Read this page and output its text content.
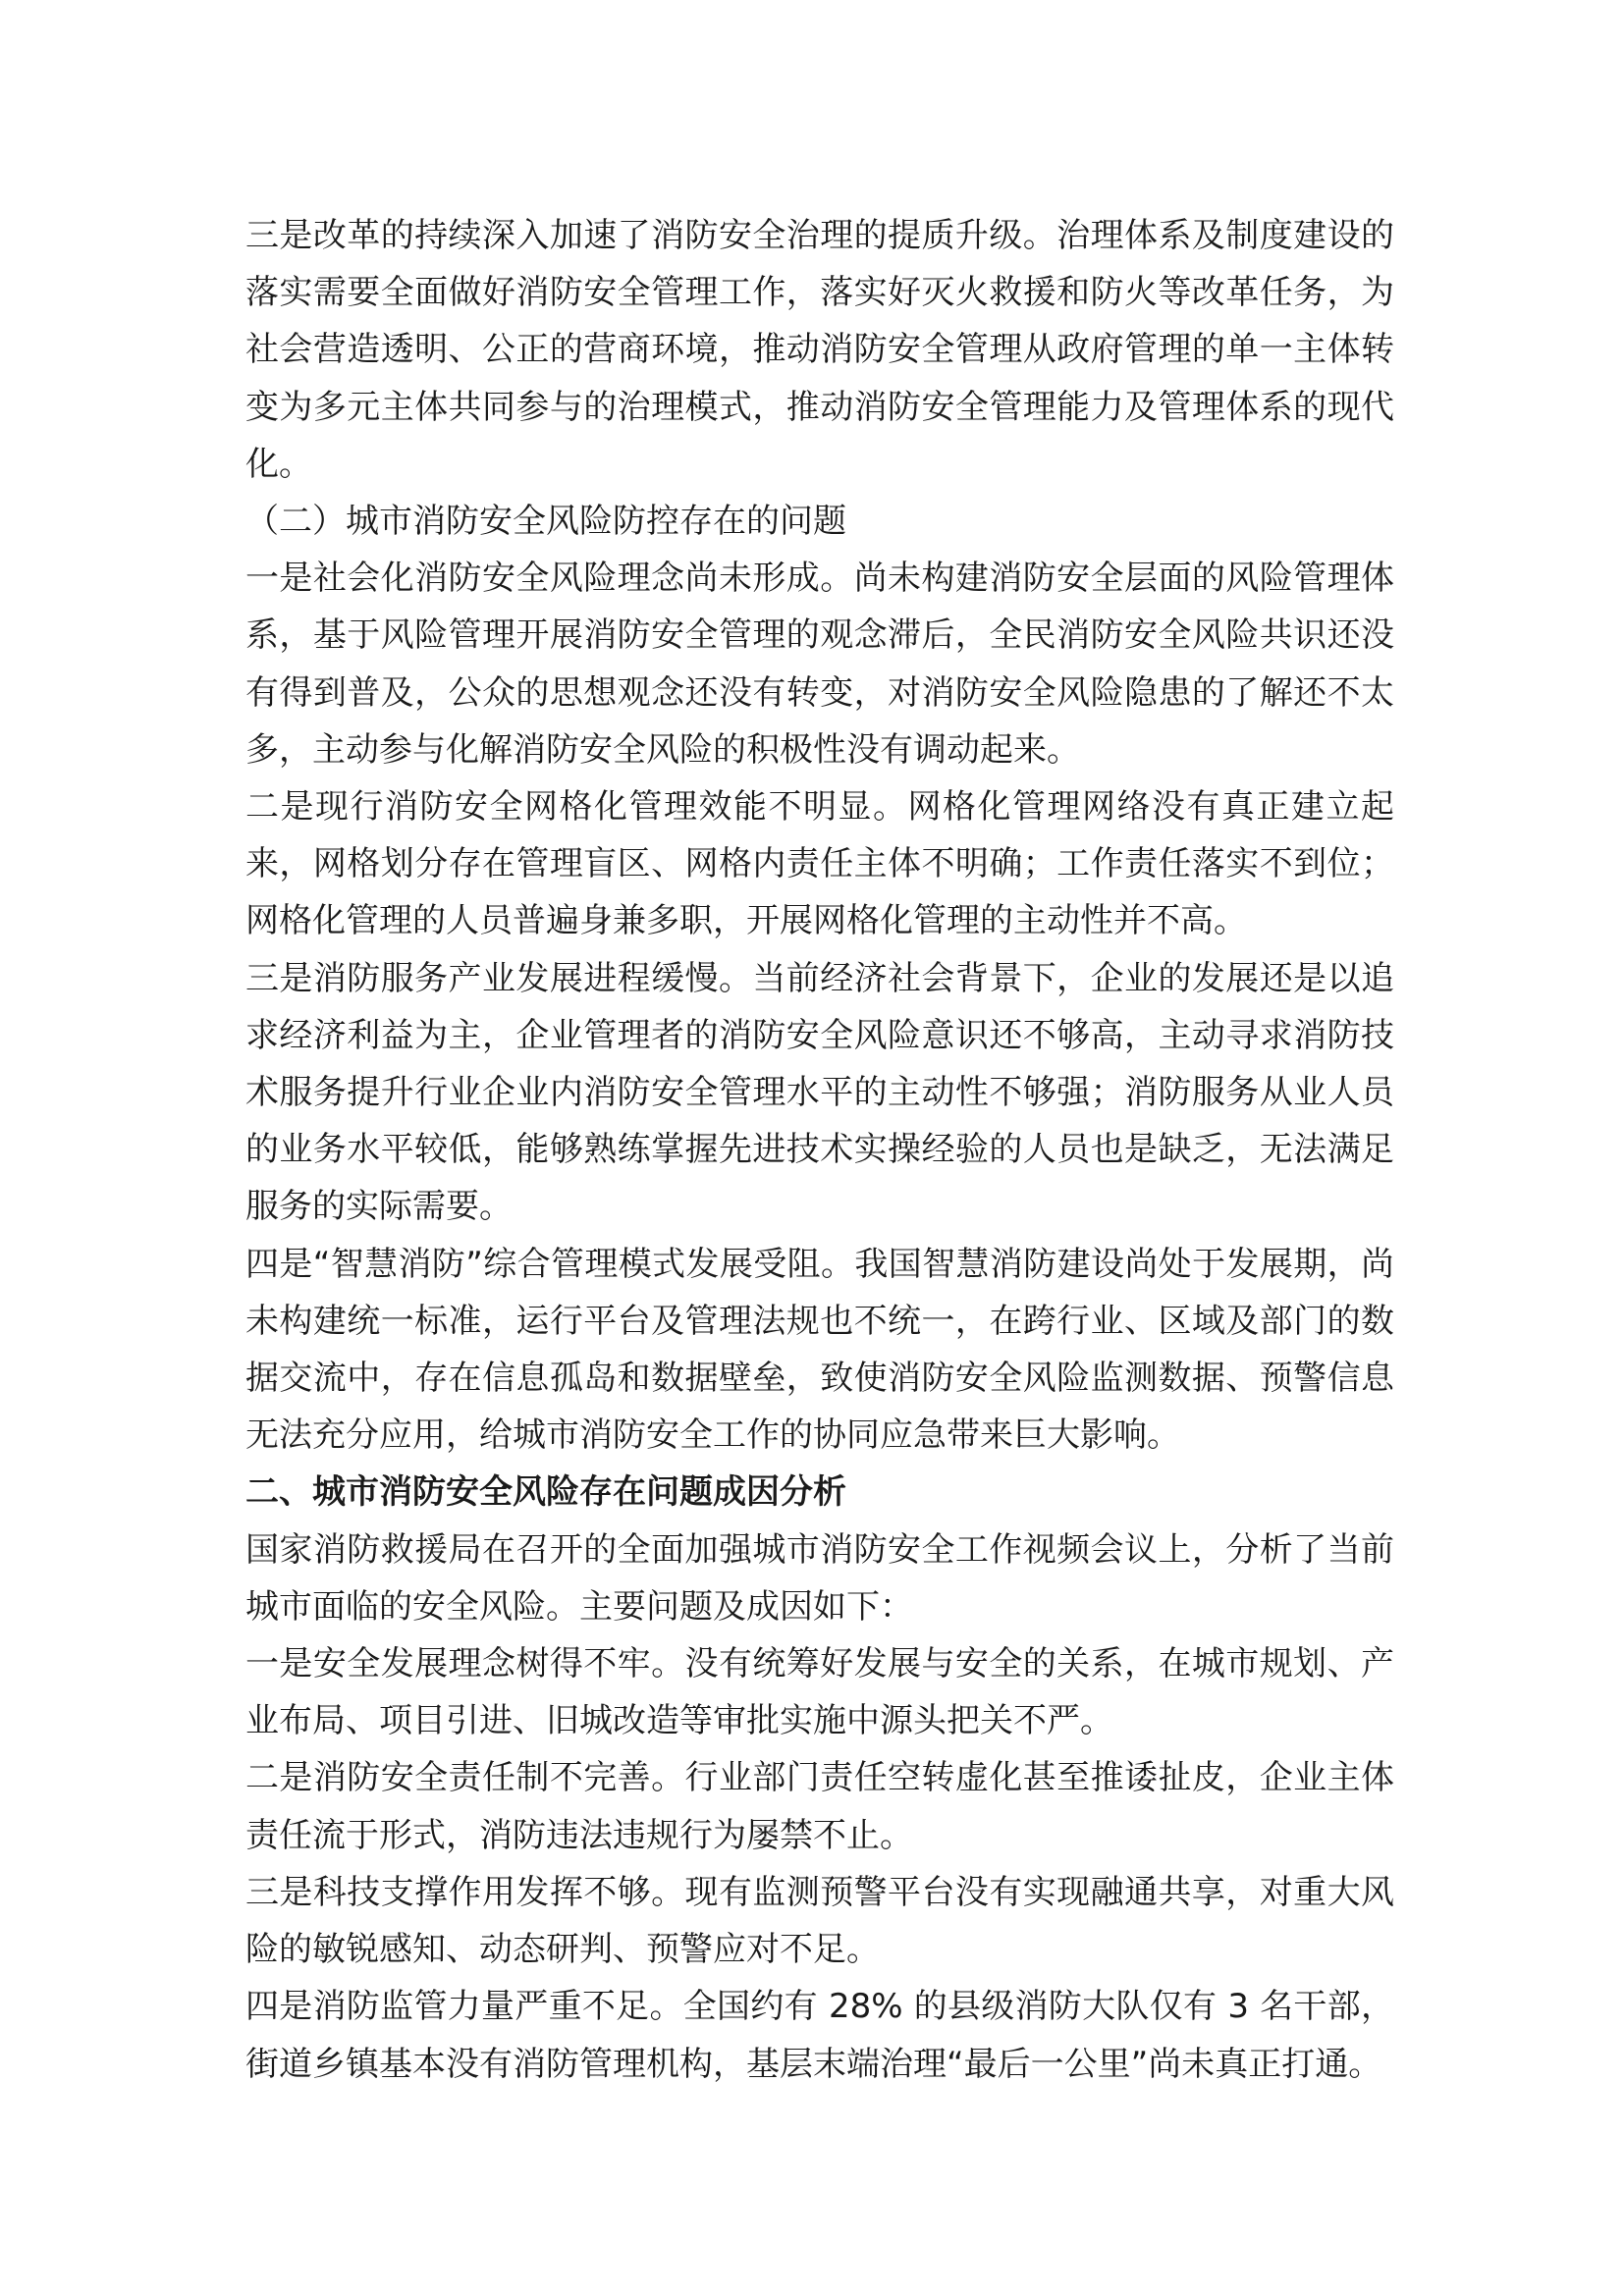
三是改革的持续深入加速了消防安全治理的提质升级。治理体系及制度建设的落实需要全面做好消防安全管理工作，落实好灭火救援和防火等改革任务，为社会营造透明、公正的营商环境，推动消防安全管理从政府管理的单一主体转变为多元主体共同参与的治理模式，推动消防安全管理能力及管理体系的现代化。

（二）城市消防安全风险防控存在的问题

一是社会化消防安全风险理念尚未形成。尚未构建消防安全层面的风险管理体系，基于风险管理开展消防安全管理的观念滞后，全民消防安全风险共识还没有得到普及，公众的思想观念还没有转变，对消防安全风险隐患的了解还不太多，主动参与化解消防安全风险的积极性没有调动起来。

二是现行消防安全网格化管理效能不明显。网格化管理网络没有真正建立起来，网格划分存在管理盲区、网格内责任主体不明确；工作责任落实不到位；网格化管理的人员普遍身兼多职，开展网格化管理的主动性并不高。

三是消防服务产业发展进程缓慢。当前经济社会背景下，企业的发展还是以追求经济利益为主，企业管理者的消防安全风险意识还不够高，主动寻求消防技术服务提升行业企业内消防安全管理水平的主动性不够强；消防服务从业人员的业务水平较低，能够熟练掌握先进技术实操经验的人员也是缺乏，无法满足服务的实际需要。

四是“智慧消防”综合管理模式发展受阻。我国智慧消防建设尚处于发展期，尚未构建统一标准，运行平台及管理法规也不统一，在跨行业、区域及部门的数据交流中，存在信息孤岛和数据壁垒，致使消防安全风险监测数据、预警信息无法充分应用，给城市消防安全工作的协同应急带来巨大影响。

二、城市消防安全风险存在问题成因分析

国家消防救援局在召开的全面加强城市消防安全工作视频会议上，分析了当前城市面临的安全风险。主要问题及成因如下：

一是安全发展理念树得不牢。没有统筹好发展与安全的关系，在城市规划、产业布局、项目引进、旧城改造等审批实施中源头把关不严。

二是消防安全责任制不完善。行业部门责任空转虚化甚至推诿扯皮，企业主体责任流于形式，消防违法违规行为屡禁不止。

三是科技支撑作用发挥不够。现有监测预警平台没有实现融通共享，对重大风险的敏锐感知、动态研判、预警应对不足。

四是消防监管力量严重不足。全国约有 28% 的县级消防大队仅有 3 名干部，街道乡镇基本没有消防管理机构，基层末端治理“最后一公里”尚未真正打通。
